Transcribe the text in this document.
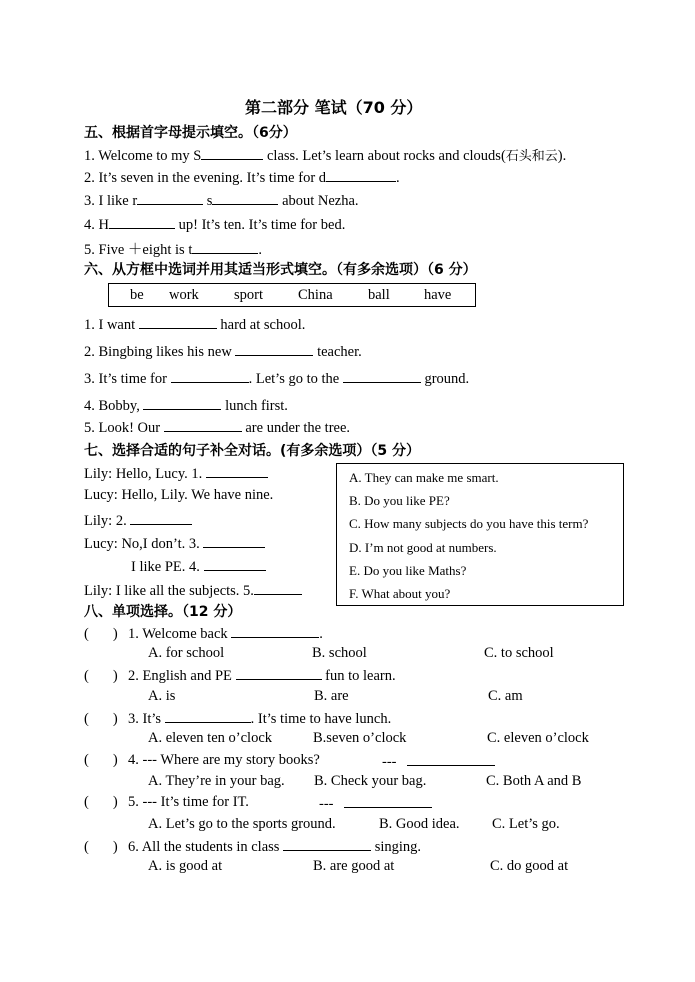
第二部分 笔试（70 分）
五、根据首字母提示填空。（6分）
1. Welcome to my S	class. Let’s learn about rocks and clouds(石头和云).
2. It’s seven in the evening. It’s time for d	.
3. I like r	s	about Nezha.
4. H	up! It’s ten. It’s time for bed.
5. Five ＋eight is t	.
六、从方框中选词并用其适当形式填空。（有多余选项）（6 分）
be work sport China ball have
1. I want	hard at school.
2. Bingbing likes his new	teacher.
3. It’s time for	. Let’s go to the	ground.
4. Bobby,	lunch first.
5. Look! Our	are under the tree.
七、选择合适的句子补全对话。(有多余选项）（5 分）
Lily: Hello, Lucy. 1.
Lucy: Hello, Lily. We have nine.
Lily: 2.
Lucy: No,I don’t. 3.
I like PE. 4.
Lily: I like all the subjects. 5.
A. They can make me smart.
B. Do you like PE?
C. How many subjects do you have this term?
D. I’m not good at numbers.
E. Do you like Maths?
F. What about you?
八、单项选择。（12 分）
( ) 1. Welcome back	.
A. for school	B. school	C. to school
( ) 2. English and PE	fun to learn.
A. is	B. are	C. am
( ) 3. It’s	. It’s time to have lunch.
A. eleven ten o’clock	B.seven o’clock	C. eleven o’clock
( ) 4. --- Where are my story books?	---
A. They’re in your bag. B. Check your bag.	C. Both A and B
( ) 5. --- It’s time for IT.	---
A. Let’s go to the sports ground.	B. Good idea. C. Let’s go.
( ) 6. All the students in class	singing.
A. is good at	B. are good at	C. do good at
